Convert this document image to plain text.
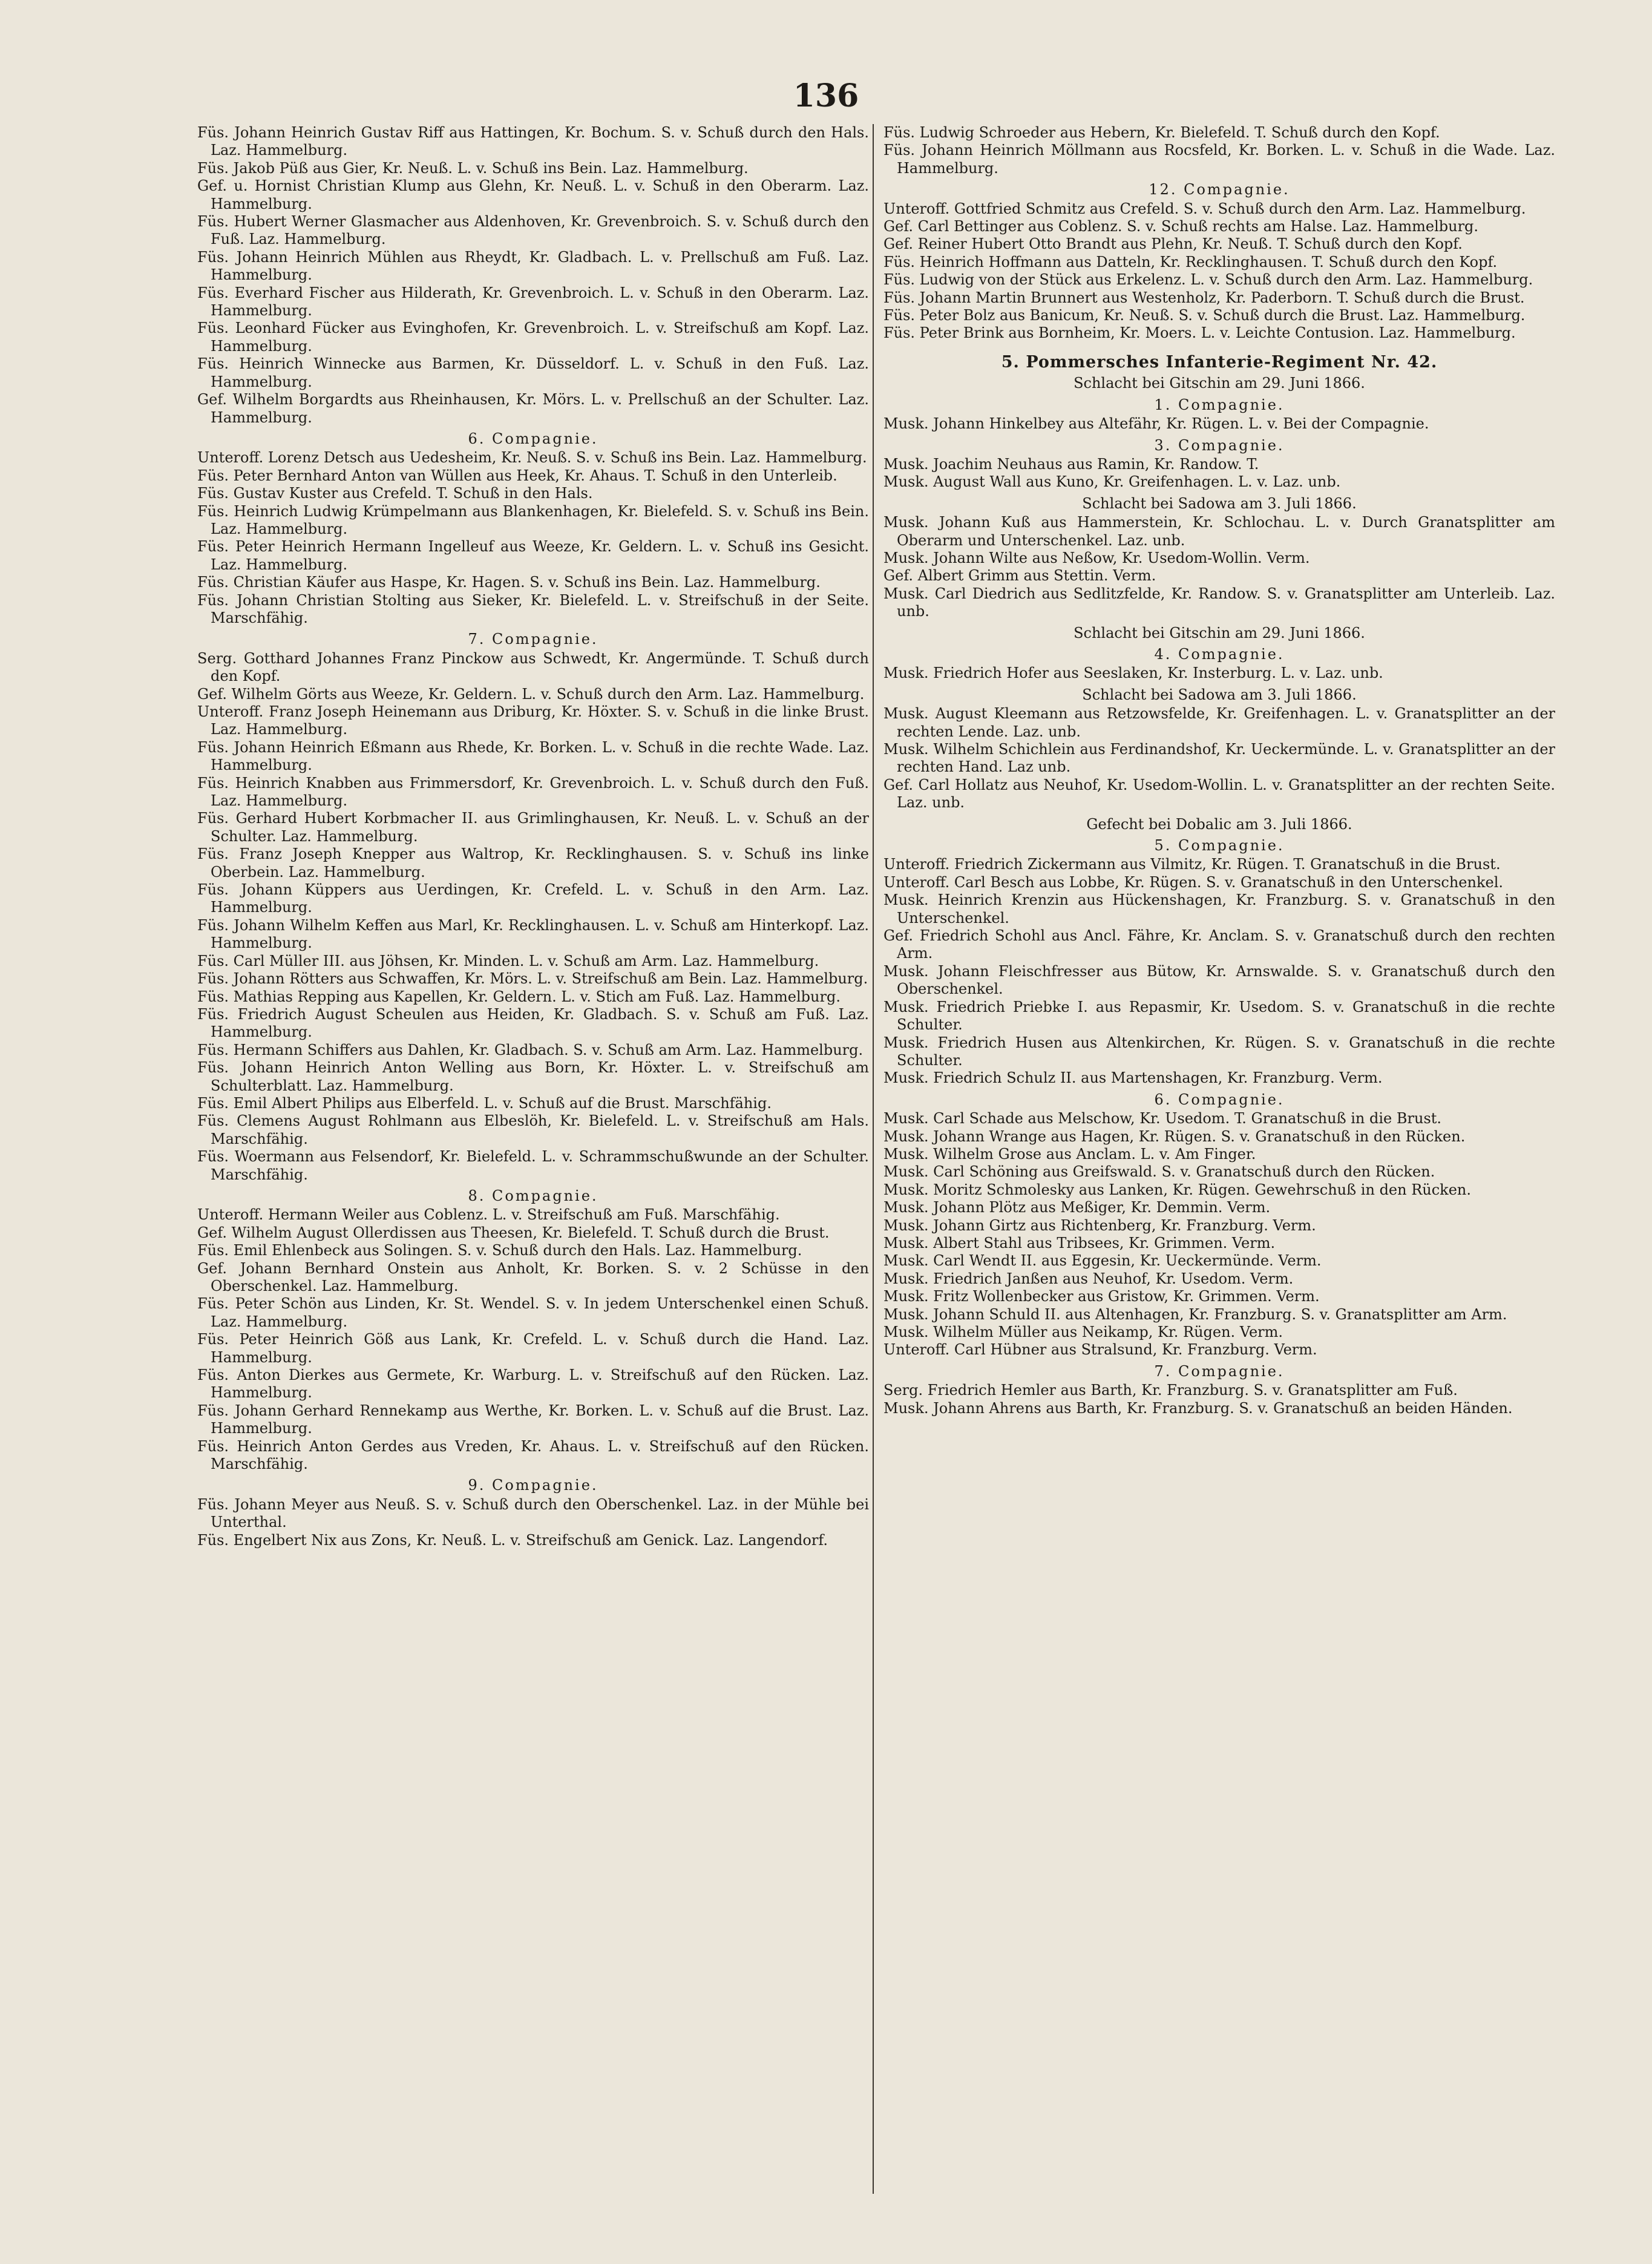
136

Füs. Johann Heinrich Gustav Riff aus Hattingen, Kr. Bochum. S. v. Schuß durch den Hals. Laz. Hammelburg.

Füs. Jakob Püß aus Gier, Kr. Neuß. L. v. Schuß ins Bein. Laz. Hammelburg.

Gef. u. Hornist Christian Klump aus Glehn, Kr. Neuß. L. v. Schuß in den Oberarm. Laz. Hammelburg.

Füs. Hubert Werner Glasmacher aus Aldenhoven, Kr. Grevenbroich. S. v. Schuß durch den Fuß. Laz. Hammelburg.

Füs. Johann Heinrich Mühlen aus Rheydt, Kr. Gladbach. L. v. Prellschuß am Fuß. Laz. Hammelburg.

Füs. Everhard Fischer aus Hilderath, Kr. Grevenbroich. L. v. Schuß in den Oberarm. Laz. Hammelburg.

Füs. Leonhard Fücker aus Evinghofen, Kr. Grevenbroich. L. v. Streifschuß am Kopf. Laz. Hammelburg.

Füs. Heinrich Winnecke aus Barmen, Kr. Düsseldorf. L. v. Schuß in den Fuß. Laz. Hammelburg.

Gef. Wilhelm Borgardts aus Rheinhausen, Kr. Mörs. L. v. Prellschuß an der Schulter. Laz. Hammelburg.

6. Compagnie.

Unteroff. Lorenz Detsch aus Uedesheim, Kr. Neuß. S. v. Schuß ins Bein. Laz. Hammelburg.

Füs. Peter Bernhard Anton van Wüllen aus Heek, Kr. Ahaus. T. Schuß in den Unterleib.

Füs. Gustav Kuster aus Crefeld. T. Schuß in den Hals.

Füs. Heinrich Ludwig Krümpelmann aus Blankenhagen, Kr. Bielefeld. S. v. Schuß ins Bein. Laz. Hammelburg.

Füs. Peter Heinrich Hermann Ingelleuf aus Weeze, Kr. Geldern. L. v. Schuß ins Gesicht. Laz. Hammelburg.

Füs. Christian Käufer aus Haspe, Kr. Hagen. S. v. Schuß ins Bein. Laz. Hammelburg.

Füs. Johann Christian Stolting aus Sieker, Kr. Bielefeld. L. v. Streifschuß in der Seite. Marschfähig.

7. Compagnie.

Serg. Gotthard Johannes Franz Pinckow aus Schwedt, Kr. Angermünde. T. Schuß durch den Kopf.

Gef. Wilhelm Görts aus Weeze, Kr. Geldern. L. v. Schuß durch den Arm. Laz. Hammelburg.

Unteroff. Franz Joseph Heinemann aus Driburg, Kr. Höxter. S. v. Schuß in die linke Brust. Laz. Hammelburg.

Füs. Johann Heinrich Eßmann aus Rhede, Kr. Borken. L. v. Schuß in die rechte Wade. Laz. Hammelburg.

Füs. Heinrich Knabben aus Frimmersdorf, Kr. Grevenbroich. L. v. Schuß durch den Fuß. Laz. Hammelburg.

Füs. Gerhard Hubert Korbmacher II. aus Grimlinghausen, Kr. Neuß. L. v. Schuß an der Schulter. Laz. Hammelburg.

Füs. Franz Joseph Knepper aus Waltrop, Kr. Recklinghausen. S. v. Schuß ins linke Oberbein. Laz. Hammelburg.

Füs. Johann Küppers aus Uerdingen, Kr. Crefeld. L. v. Schuß in den Arm. Laz. Hammelburg.

Füs. Johann Wilhelm Keffen aus Marl, Kr. Recklinghausen. L. v. Schuß am Hinterkopf. Laz. Hammelburg.

Füs. Carl Müller III. aus Jöhsen, Kr. Minden. L. v. Schuß am Arm. Laz. Hammelburg.

Füs. Johann Rötters aus Schwaffen, Kr. Mörs. L. v. Streifschuß am Bein. Laz. Hammelburg.

Füs. Mathias Repping aus Kapellen, Kr. Geldern. L. v. Stich am Fuß. Laz. Hammelburg.

Füs. Friedrich August Scheulen aus Heiden, Kr. Gladbach. S. v. Schuß am Fuß. Laz. Hammelburg.

Füs. Hermann Schiffers aus Dahlen, Kr. Gladbach. S. v. Schuß am Arm. Laz. Hammelburg.

Füs. Johann Heinrich Anton Welling aus Born, Kr. Höxter. L. v. Streifschuß am Schulterblatt. Laz. Hammelburg.

Füs. Emil Albert Philips aus Elberfeld. L. v. Schuß auf die Brust. Marschfähig.

Füs. Clemens August Rohlmann aus Elbeslöh, Kr. Bielefeld. L. v. Streifschuß am Hals. Marschfähig.

Füs. Woermann aus Felsendorf, Kr. Bielefeld. L. v. Schrammschußwunde an der Schulter. Marschfähig.

8. Compagnie.

Unteroff. Hermann Weiler aus Coblenz. L. v. Streifschuß am Fuß. Marschfähig.

Gef. Wilhelm August Ollerdissen aus Theesen, Kr. Bielefeld. T. Schuß durch die Brust.

Füs. Emil Ehlenbeck aus Solingen. S. v. Schuß durch den Hals. Laz. Hammelburg.

Gef. Johann Bernhard Onstein aus Anholt, Kr. Borken. S. v. 2 Schüsse in den Oberschenkel. Laz. Hammelburg.

Füs. Peter Schön aus Linden, Kr. St. Wendel. S. v. In jedem Unterschenkel einen Schuß. Laz. Hammelburg.

Füs. Peter Heinrich Göß aus Lank, Kr. Crefeld. L. v. Schuß durch die Hand. Laz. Hammelburg.

Füs. Anton Dierkes aus Germete, Kr. Warburg. L. v. Streifschuß auf den Rücken. Laz. Hammelburg.

Füs. Johann Gerhard Rennekamp aus Werthe, Kr. Borken. L. v. Schuß auf die Brust. Laz. Hammelburg.

Füs. Heinrich Anton Gerdes aus Vreden, Kr. Ahaus. L. v. Streifschuß auf den Rücken. Marschfähig.

9. Compagnie.

Füs. Johann Meyer aus Neuß. S. v. Schuß durch den Oberschenkel. Laz. in der Mühle bei Unterthal.

Füs. Engelbert Nix aus Zons, Kr. Neuß. L. v. Streifschuß am Genick. Laz. Langendorf.

Füs. Ludwig Schroeder aus Hebern, Kr. Bielefeld. T. Schuß durch den Kopf.

Füs. Johann Heinrich Möllmann aus Rocsfeld, Kr. Borken. L. v. Schuß in die Wade. Laz. Hammelburg.

12. Compagnie.

Unteroff. Gottfried Schmitz aus Crefeld. S. v. Schuß durch den Arm. Laz. Hammelburg.

Gef. Carl Bettinger aus Coblenz. S. v. Schuß rechts am Halse. Laz. Hammelburg.

Gef. Reiner Hubert Otto Brandt aus Plehn, Kr. Neuß. T. Schuß durch den Kopf.

Füs. Heinrich Hoffmann aus Datteln, Kr. Recklinghausen. T. Schuß durch den Kopf.

Füs. Ludwig von der Stück aus Erkelenz. L. v. Schuß durch den Arm. Laz. Hammelburg.

Füs. Johann Martin Brunnert aus Westenholz, Kr. Paderborn. T. Schuß durch die Brust.

Füs. Peter Bolz aus Banicum, Kr. Neuß. S. v. Schuß durch die Brust. Laz. Hammelburg.

Füs. Peter Brink aus Bornheim, Kr. Moers. L. v. Leichte Contusion. Laz. Hammelburg.

5. Pommersches Infanterie-Regiment Nr. 42.

Schlacht bei Gitschin am 29. Juni 1866.

1. Compagnie.

Musk. Johann Hinkelbey aus Altefähr, Kr. Rügen. L. v. Bei der Compagnie.

3. Compagnie.

Musk. Joachim Neuhaus aus Ramin, Kr. Randow. T.

Musk. August Wall aus Kuno, Kr. Greifenhagen. L. v. Laz. unb.

Schlacht bei Sadowa am 3. Juli 1866.

Musk. Johann Kuß aus Hammerstein, Kr. Schlochau. L. v. Durch Granatsplitter am Oberarm und Unterschenkel. Laz. unb.

Musk. Johann Wilte aus Neßow, Kr. Usedom-Wollin. Verm.

Gef. Albert Grimm aus Stettin. Verm.

Musk. Carl Diedrich aus Sedlitzfelde, Kr. Randow. S. v. Granatsplitter am Unterleib. Laz. unb.

Schlacht bei Gitschin am 29. Juni 1866.

4. Compagnie.

Musk. Friedrich Hofer aus Seeslaken, Kr. Insterburg. L. v. Laz. unb.

Schlacht bei Sadowa am 3. Juli 1866.

Musk. August Kleemann aus Retzowsfelde, Kr. Greifenhagen. L. v. Granatsplitter an der rechten Lende. Laz. unb.

Musk. Wilhelm Schichlein aus Ferdinandshof, Kr. Ueckermünde. L. v. Granatsplitter an der rechten Hand. Laz unb.

Gef. Carl Hollatz aus Neuhof, Kr. Usedom-Wollin. L. v. Granatsplitter an der rechten Seite. Laz. unb.

Gefecht bei Dobalic am 3. Juli 1866.

5. Compagnie.

Unteroff. Friedrich Zickermann aus Vilmitz, Kr. Rügen. T. Granatschuß in die Brust.

Unteroff. Carl Besch aus Lobbe, Kr. Rügen. S. v. Granatschuß in den Unterschenkel.

Musk. Heinrich Krenzin aus Hückenshagen, Kr. Franzburg. S. v. Granatschuß in den Unterschenkel.

Gef. Friedrich Schohl aus Ancl. Fähre, Kr. Anclam. S. v. Granatschuß durch den rechten Arm.

Musk. Johann Fleischfresser aus Bütow, Kr. Arnswalde. S. v. Granatschuß durch den Oberschenkel.

Musk. Friedrich Priebke I. aus Repasmir, Kr. Usedom. S. v. Granatschuß in die rechte Schulter.

Musk. Friedrich Husen aus Altenkirchen, Kr. Rügen. S. v. Granatschuß in die rechte Schulter.

Musk. Friedrich Schulz II. aus Martenshagen, Kr. Franzburg. Verm.

6. Compagnie.

Musk. Carl Schade aus Melschow, Kr. Usedom. T. Granatschuß in die Brust.

Musk. Johann Wrange aus Hagen, Kr. Rügen. S. v. Granatschuß in den Rücken.

Musk. Wilhelm Grose aus Anclam. L. v. Am Finger.

Musk. Carl Schöning aus Greifswald. S. v. Granatschuß durch den Rücken.

Musk. Moritz Schmolesky aus Lanken, Kr. Rügen. Gewehrschuß in den Rücken.

Musk. Johann Plötz aus Meßiger, Kr. Demmin. Verm.

Musk. Johann Girtz aus Richtenberg, Kr. Franzburg. Verm.

Musk. Albert Stahl aus Tribsees, Kr. Grimmen. Verm.

Musk. Carl Wendt II. aus Eggesin, Kr. Ueckermünde. Verm.

Musk. Friedrich Janßen aus Neuhof, Kr. Usedom. Verm.

Musk. Fritz Wollenbecker aus Gristow, Kr. Grimmen. Verm.

Musk. Johann Schuld II. aus Altenhagen, Kr. Franzburg. S. v. Granatsplitter am Arm.

Musk. Wilhelm Müller aus Neikamp, Kr. Rügen. Verm.

Unteroff. Carl Hübner aus Stralsund, Kr. Franzburg. Verm.

7. Compagnie.

Serg. Friedrich Hemler aus Barth, Kr. Franzburg. S. v. Granatsplitter am Fuß.

Musk. Johann Ahrens aus Barth, Kr. Franzburg. S. v. Granatschuß an beiden Händen.
